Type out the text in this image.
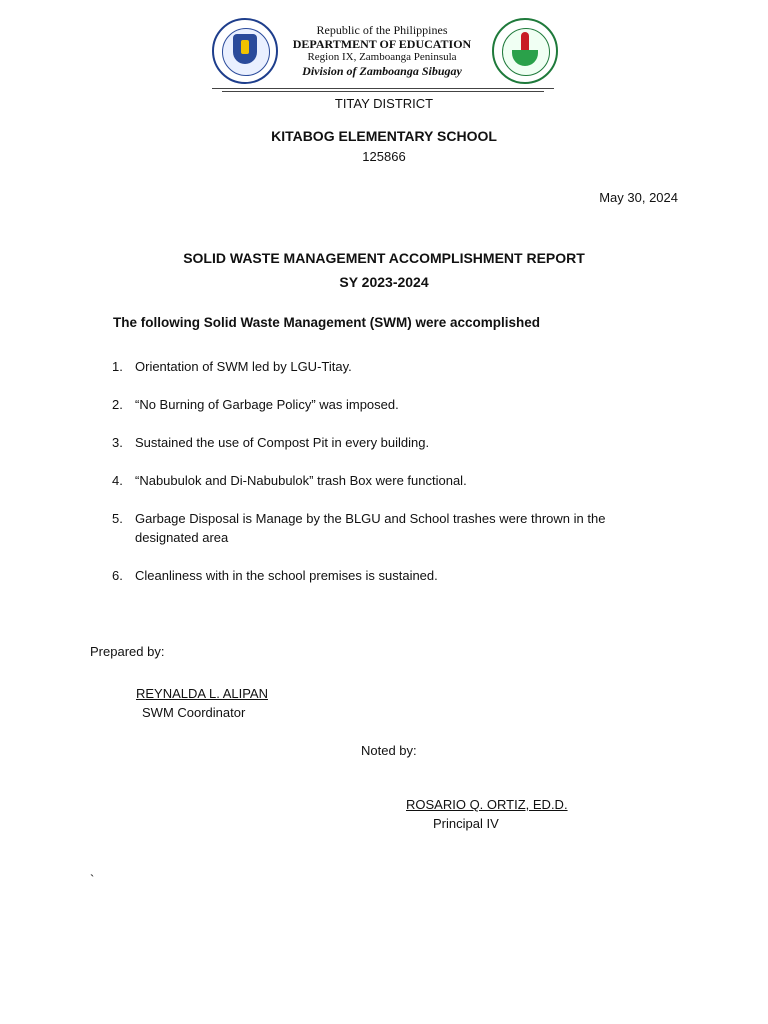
Republic of the Philippines
DEPARTMENT OF EDUCATION
Region IX, Zamboanga Peninsula
Division of Zamboanga Sibugay
TITAY DISTRICT
KITABOG ELEMENTARY SCHOOL
125866
May 30, 2024
SOLID WASTE MANAGEMENT ACCOMPLISHMENT REPORT
SY 2023-2024
The following Solid Waste Management (SWM) were accomplished
1. Orientation of SWM led by LGU-Titay.
2. “No Burning of Garbage Policy” was imposed.
3. Sustained the use of Compost Pit in every building.
4. “Nabubulok and Di-Nabubulok” trash Box were functional.
5. Garbage Disposal is Manage by the BLGU and School trashes were thrown in the designated area
6. Cleanliness with in the school premises is sustained.
Prepared by:
REYNALDA L. ALIPAN
SWM Coordinator
Noted by:
ROSARIO Q. ORTIZ, ED.D.
Principal IV
`
